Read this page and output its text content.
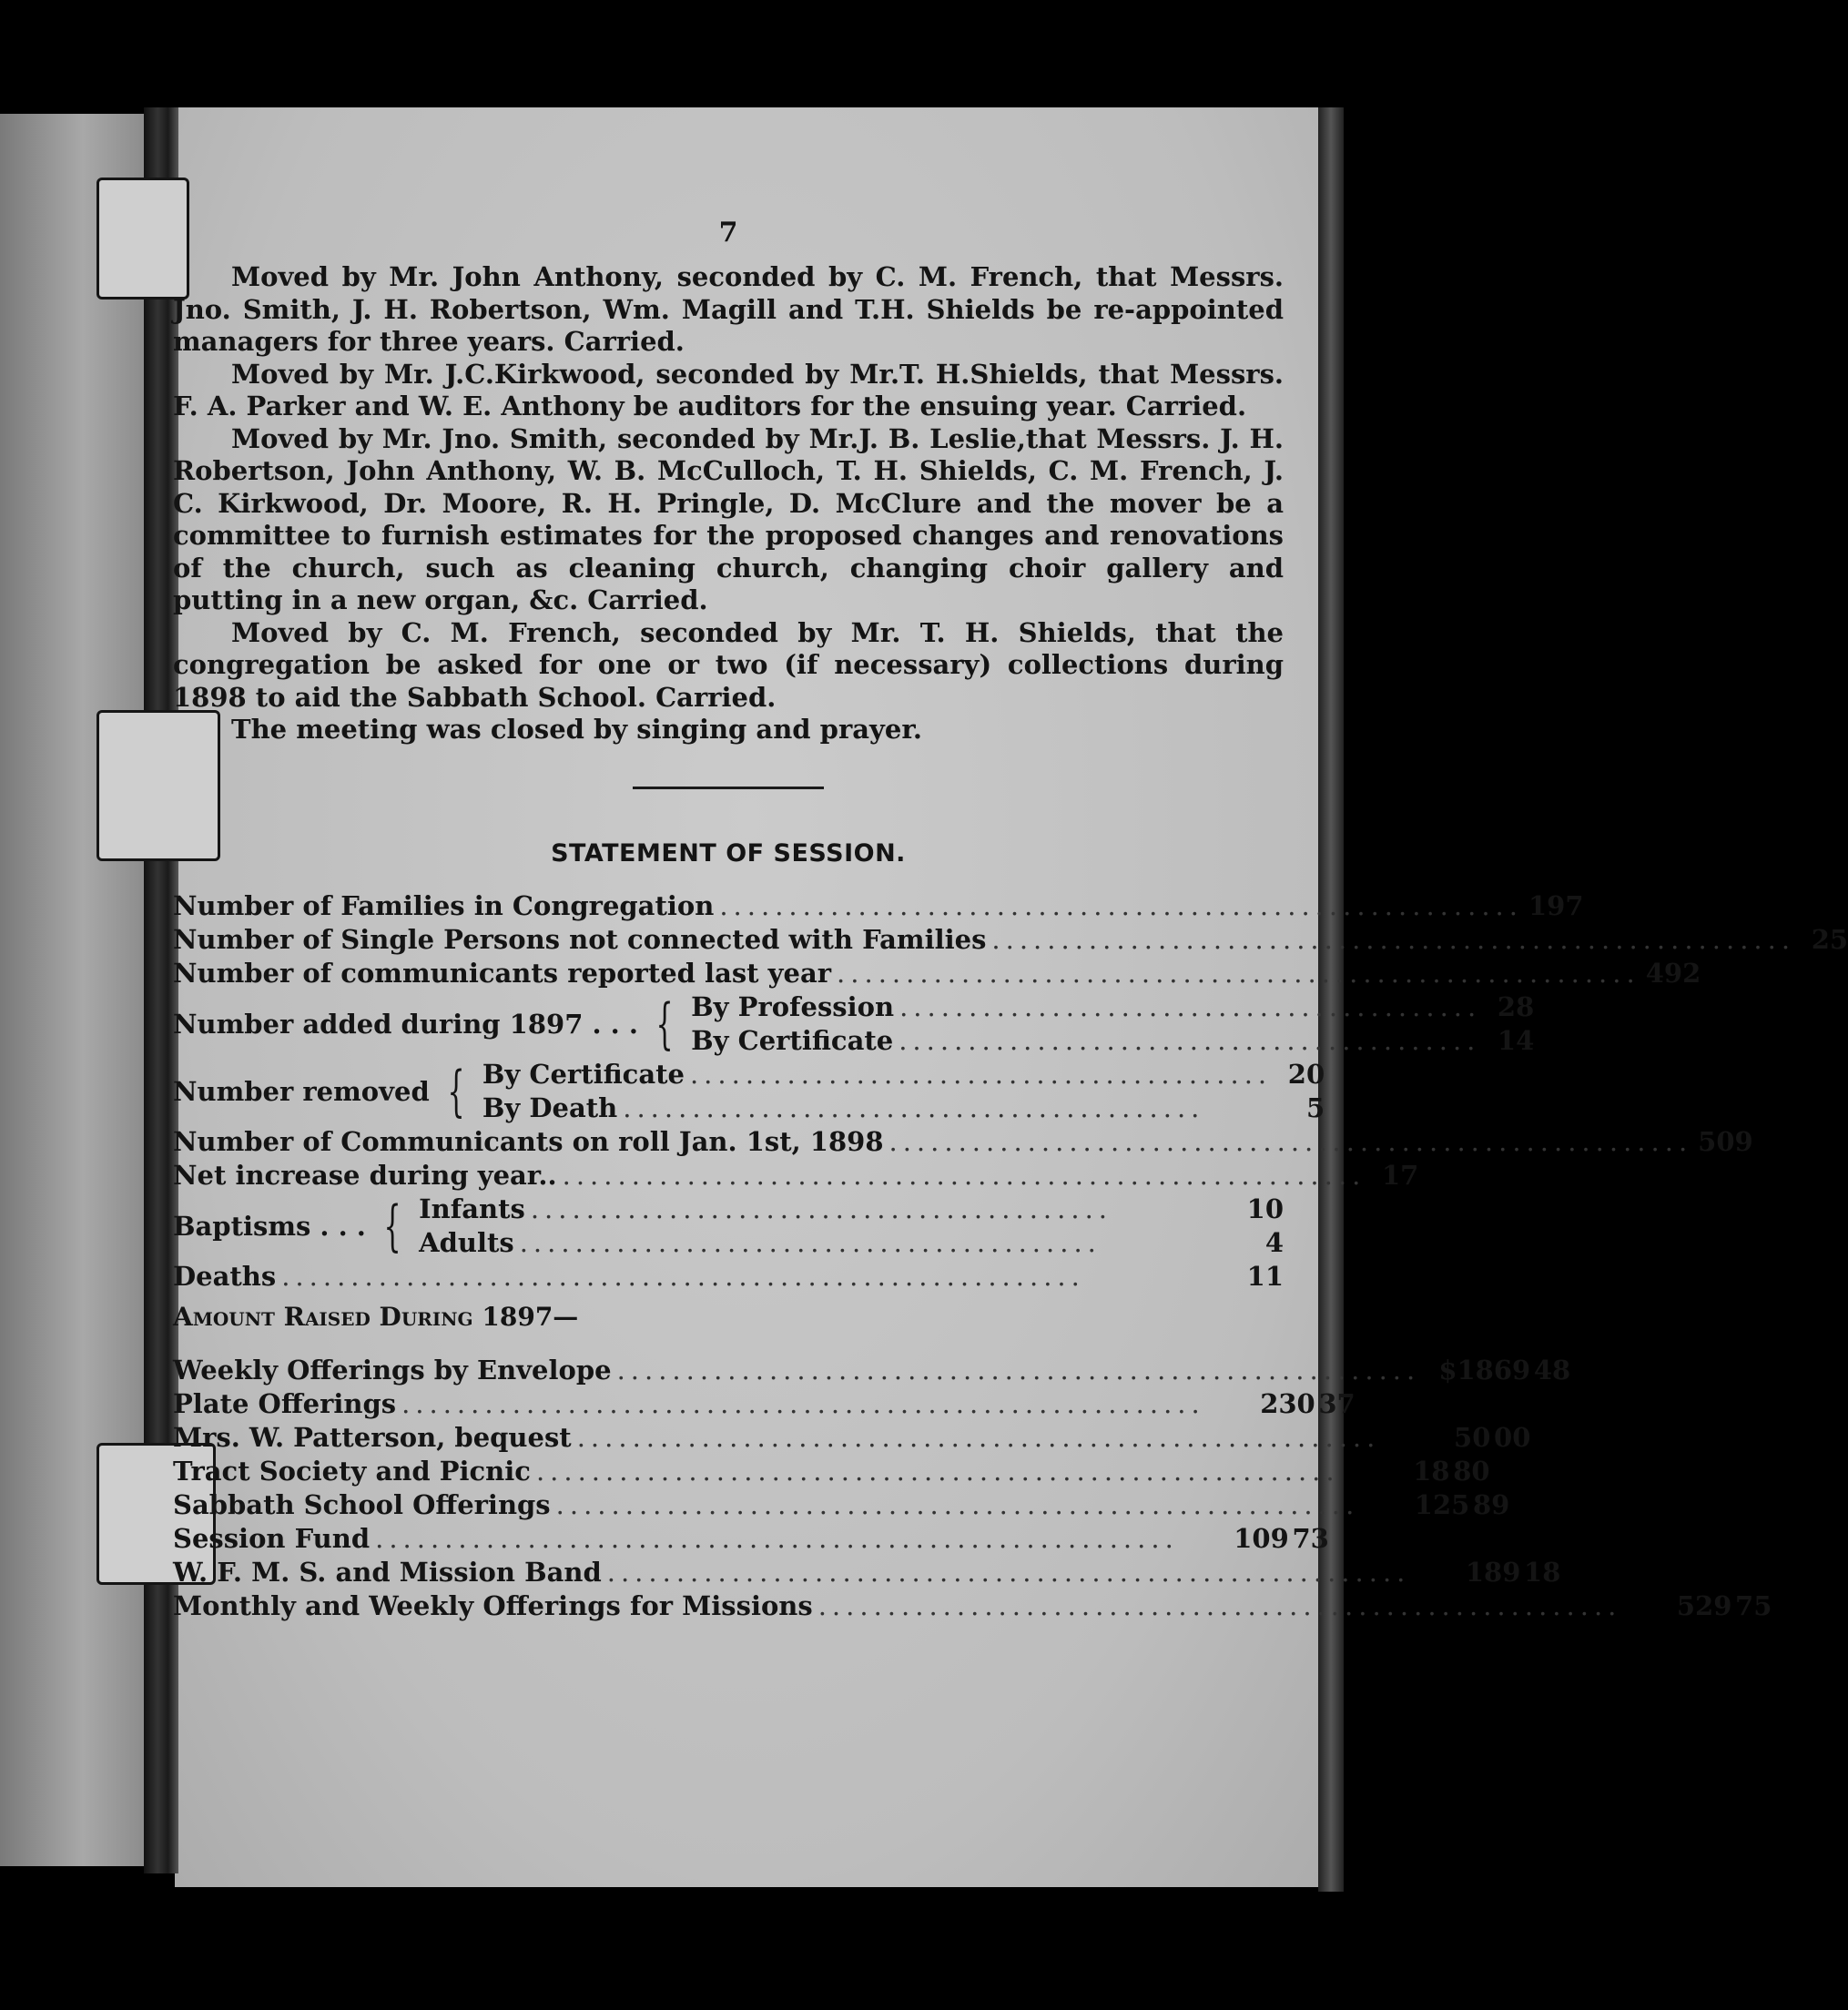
7

Moved by Mr. John Anthony, seconded by C. M. French, that Messrs. Jno. Smith, J. H. Robertson, Wm. Magill and T.H. Shields be re-appointed managers for three years. Carried.

Moved by Mr. J.C.Kirkwood, seconded by Mr.T. H.Shields, that Messrs. F. A. Parker and W. E. Anthony be auditors for the ensuing year. Carried.

Moved by Mr. Jno. Smith, seconded by Mr.J. B. Leslie,that Messrs. J. H. Robertson, John Anthony, W. B. McCulloch, T. H. Shields, C. M. French, J. C. Kirkwood, Dr. Moore, R. H. Pringle, D. McClure and the mover be a committee to furnish estimates for the proposed changes and renovations of the church, such as cleaning church, changing choir gallery and putting in a new organ, &c. Carried.

Moved by C. M. French, seconded by Mr. T. H. Shields, that the congregation be asked for one or two (if necessary) collections during 1898 to aid the Sabbath School. Carried.

The meeting was closed by singing and prayer.

STATEMENT OF SESSION.
Number of Families in Congregation .......................................................... 197
Number of Single Persons not connected with Families .......................................................... 25
Number of communicants reported last year .......................................................... 492
Number added during 1897 . . . { By Profession .......................................... 28
By Certificate .......................................... 14
Number removed { By Certificate .......................................... 20
By Death ..........................................	5
Number of Communicants on roll Jan. 1st, 1898 .......................................................... 509
Net increase during year.. .......................................................... 17
Baptisms . . . { Infants ..........................................	10
Adults ..........................................	4
Deaths ..........................................................	11
Amount Raised During 1897—
Weekly Offerings by Envelope .......................................................... $1869 48
Plate Offerings ..........................................................	230 37
Mrs. W. Patterson, bequest ..........................................................	50 00
Tract Society and Picnic ..........................................................	18 80
Sabbath School Offerings ..........................................................	125 89
Session Fund ..........................................................	109 73
W. F. M. S. and Mission Band ..........................................................	189 18
Monthly and Weekly Offerings for Missions ..........................................................	529 75
